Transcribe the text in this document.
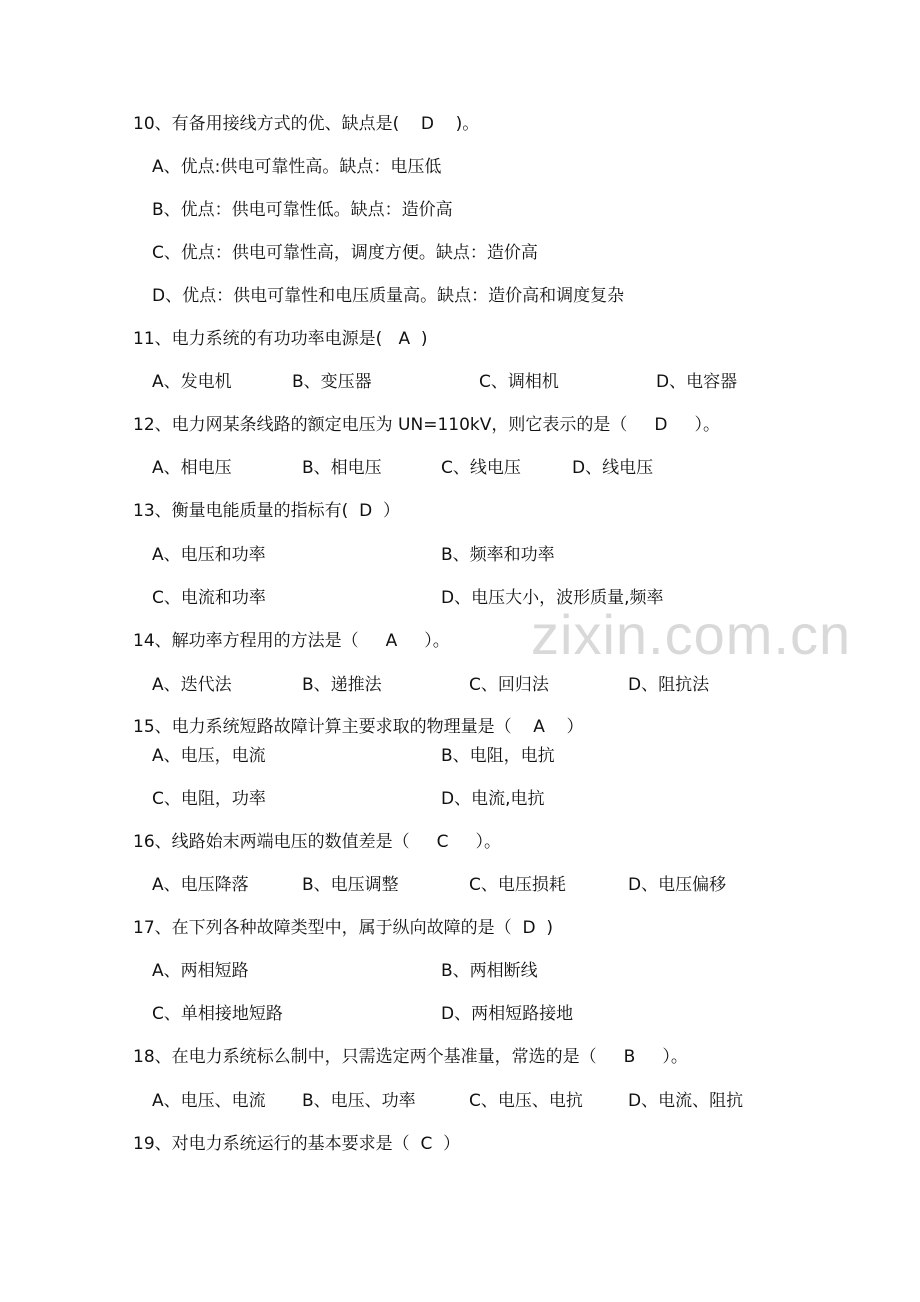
zixin.com.cn
10、有备用接线方式的优、缺点是(    D    )。
A、优点:供电可靠性高。缺点：电压低
B、优点：供电可靠性低。缺点：造价高
C、优点：供电可靠性高，调度方便。缺点：造价高
D、优点：供电可靠性和电压质量高。缺点：造价高和调度复杂
11、电力系统的有功功率电源是(   A  )
A、发电机	B、变压器	C、调相机	D、电容器
12、电力网某条线路的额定电压为 UN=110kV，则它表示的是（     D     ）。
A、相电压	B、相电压	C、线电压	D、线电压
13、衡量电能质量的指标有(  D  ）
A、电压和功率	B、频率和功率
C、电流和功率	D、电压大小，波形质量,频率
14、解功率方程用的方法是（     A     ）。
A、迭代法	B、递推法	C、回归法	D、阻抗法
15、电力系统短路故障计算主要求取的物理量是（    A    ）
A、电压，电流	B、电阻，电抗
C、电阻，功率	D、电流,电抗
16、线路始末两端电压的数值差是（     C     ）。
A、电压降落	B、电压调整	C、电压损耗	D、电压偏移
17、在下列各种故障类型中，属于纵向故障的是（  D  )
A、两相短路	B、两相断线
C、单相接地短路	D、两相短路接地
18、在电力系统标么制中，只需选定两个基准量，常选的是（     B     ）。
A、电压、电流 B、电压、功率	C、电压、电抗	D、电流、阻抗
19、对电力系统运行的基本要求是（  C  ）
